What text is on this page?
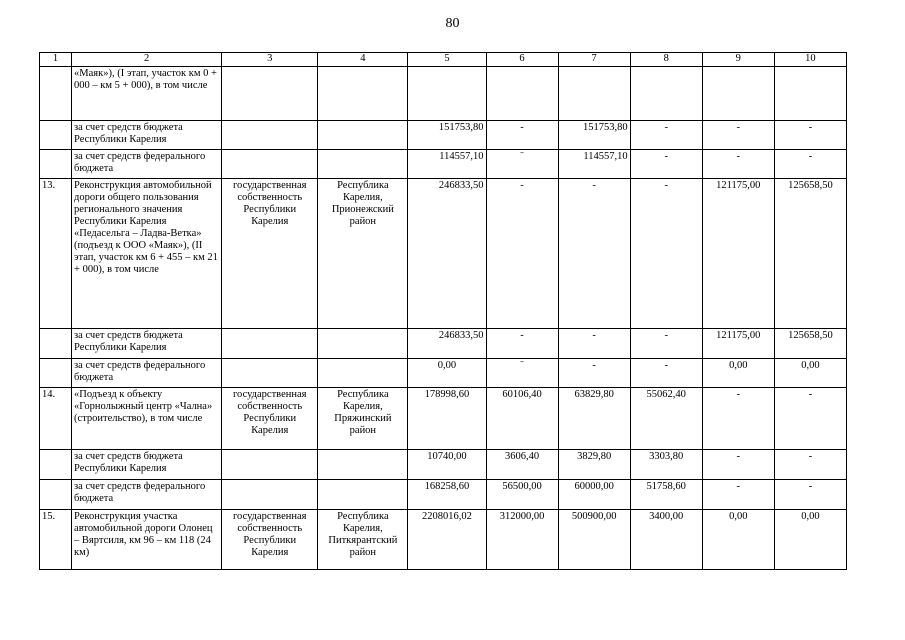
80
1	2	3	4	5	6	7	8	9	10
	«Маяк»), (I этап, участок км 0 + 000 – км 5 + 000), в том числе								
	за счет средств бюджета Республики Карелия			151753,80	-	151753,80	-	-	-
	за счет средств федерального бюджета			114557,10	ˉ	114557,10	-	-	-
13.	Реконструкция автомобильной дороги общего пользования регионального значения Республики Карелия «Педасельга – Ладва-Ветка» (подъезд к ООО «Маяк»), (II этап, участок км 6 + 455 – км 21 + 000), в том числе	государственная собственность Республики Карелия	Республика Карелия, Прионежский район	246833,50	-	-	-	121175,00	125658,50
	за счет средств бюджета Республики Карелия			246833,50	-	-	-	121175,00	125658,50
	за счет средств федерального бюджета			0,00	ˉ	-	-	0,00	0,00
14.	«Подъезд к объекту «Горнолыжный центр «Чална» (строительство), в том числе	государственная собственность Республики Карелия	Республика Карелия, Пряжинский район	178998,60	60106,40	63829,80	55062,40	-	-
	за счет средств бюджета Республики Карелия			10740,00	3606,40	3829,80	3303,80	-	-
	за счет средств федерального бюджета			168258,60	56500,00	60000,00	51758,60	-	-
15.	Реконструкция участка автомобильной дороги Олонец – Вяртсиля, км 96 – км 118 (24 км)	государственная собственность Республики Карелия	Республика Карелия, Питкярантский район	2208016,02	312000,00	500900,00	3400,00	0,00	0,00
